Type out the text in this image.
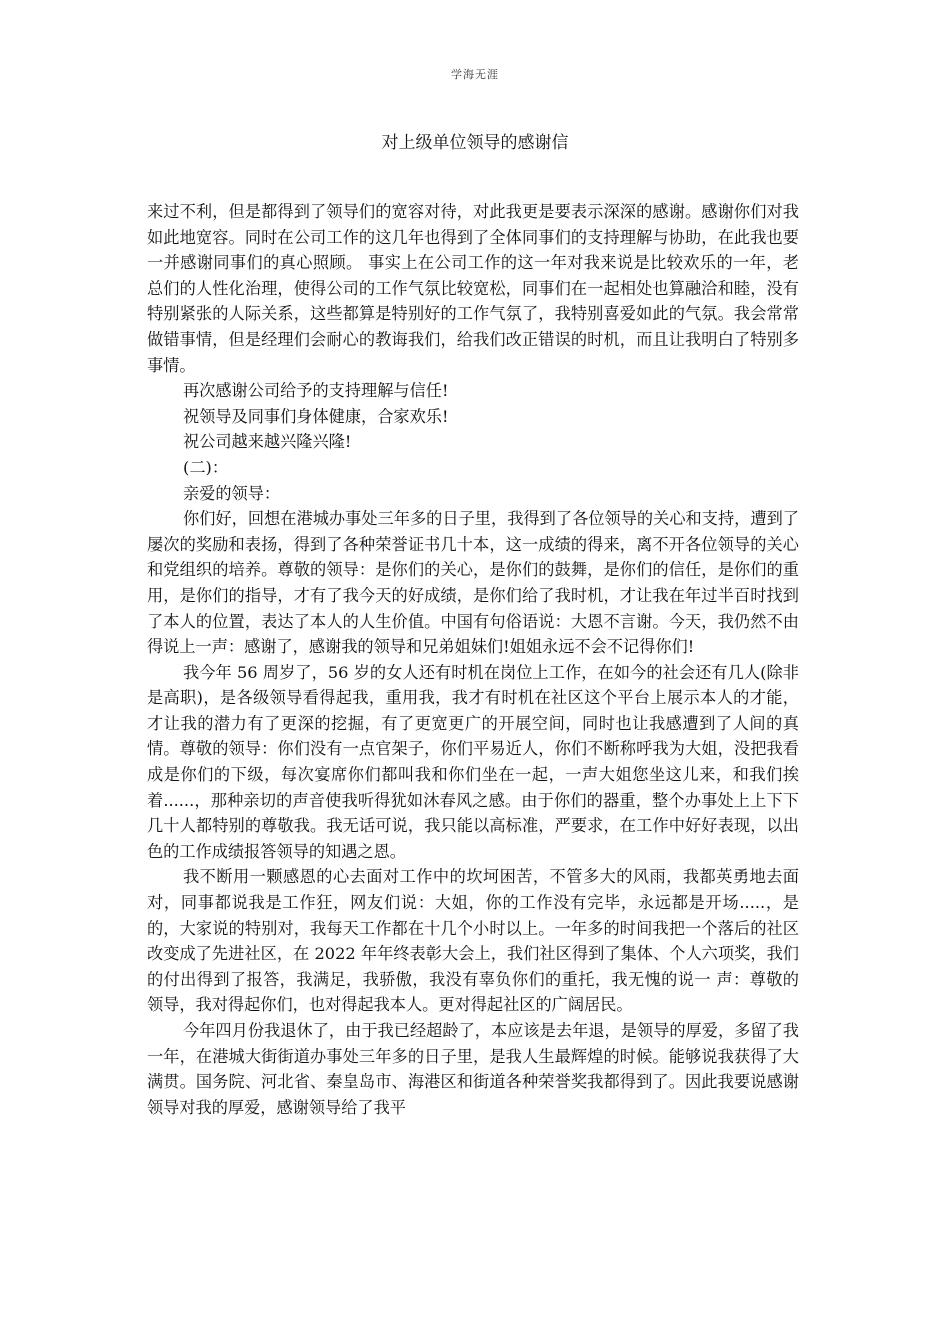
学海无涯
对上级单位领导的感谢信

来过不利，但是都得到了领导们的宽容对待，对此我更是要表示深深的感谢。感谢你们对我如此地宽容。同时在公司工作的这几年也得到了全体同事们的支持理解与协助，在此我也要一并感谢同事们的真心照顾。 事实上在公司工作的这一年对我来说是比较欢乐的一年，老总们的人性化治理，使得公司的工作气氛比较宽松，同事们在一起相处也算融洽和睦，没有特别紧张的人际关系，这些都算是特别好的工作气氛了，我特别喜爱如此的气氛。我会常常做错事情，但是经理们会耐心的教诲我们，给我们改正错误的时机，而且让我明白了特别多事情。

再次感谢公司给予的支持理解与信任!

祝领导及同事们身体健康，合家欢乐!

祝公司越来越兴隆兴隆!

(二)：

亲爱的领导：

你们好，回想在港城办事处三年多的日子里，我得到了各位领导的关心和支持，遭到了屡次的奖励和表扬，得到了各种荣誉证书几十本，这一成绩的得来，离不开各位领导的关心和党组织的培养。尊敬的领导：是你们的关心，是你们的鼓舞，是你们的信任，是你们的重用，是你们的指导，才有了我今天的好成绩，是你们给了我时机，才让我在年过半百时找到了本人的位置，表达了本人的人生价值。中国有句俗语说：大恩不言谢。今天，我仍然不由得说上一声：感谢了，感谢我的领导和兄弟姐妹们!姐姐永远不会不记得你们!

我今年 56 周岁了，56 岁的女人还有时机在岗位上工作，在如今的社会还有几人(除非是高职)，是各级领导看得起我，重用我，我才有时机在社区这个平台上展示本人的才能，才让我的潜力有了更深的挖掘，有了更宽更广的开展空间，同时也让我感遭到了人间的真情。尊敬的领导：你们没有一点官架子，你们平易近人，你们不断称呼我为大姐，没把我看成是你们的下级，每次宴席你们都叫我和你们坐在一起，一声大姐您坐这儿来，和我们挨着......，那种亲切的声音使我听得犹如沐春风之感。由于你们的器重，整个办事处上上下下几十人都特别的尊敬我。我无话可说，我只能以高标准，严要求，在工作中好好表现，以出色的工作成绩报答领导的知遇之恩。

我不断用一颗感恩的心去面对工作中的坎坷困苦，不管多大的风雨，我都英勇地去面对，同事都说我是工作狂，网友们说：大姐，你的工作没有完毕，永远都是开场.....，是的，大家说的特别对，我每天工作都在十几个小时以上。一年多的时间我把一个落后的社区改变成了先进社区，在 2022 年年终表彰大会上，我们社区得到了集体、个人六项奖，我们的付出得到了报答，我满足，我骄傲，我没有辜负你们的重托，我无愧的说一 声：尊敬的领导，我对得起你们，也对得起我本人。更对得起社区的广阔居民。

今年四月份我退休了，由于我已经超龄了，本应该是去年退，是领导的厚爱，多留了我一年，在港城大街街道办事处三年多的日子里，是我人生最辉煌的时候。能够说我获得了大满贯。国务院、河北省、秦皇岛市、海港区和街道各种荣誉奖我都得到了。因此我要说感谢领导对我的厚爱，感谢领导给了我平
